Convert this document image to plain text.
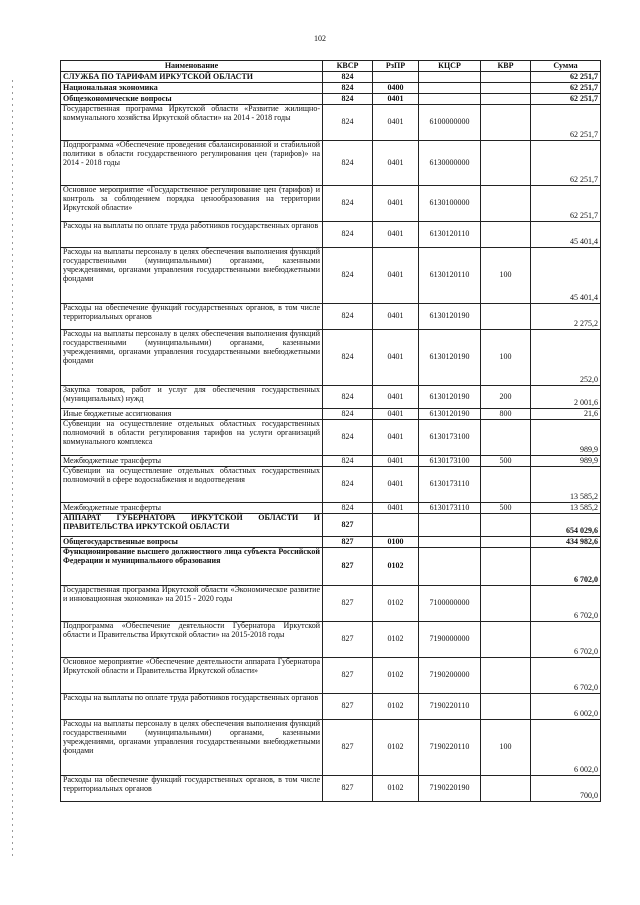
102
Наименование	КВСР	РзПР	КЦСР	КВР	Сумма
СЛУЖБА ПО ТАРИФАМ ИРКУТСКОЙ ОБЛАСТИ	824				62 251,7
Национальная экономика	824	0400			62 251,7
Общеэкономические вопросы	824	0401			62 251,7
Государственная программа Иркутской области «Развитие жилищно-коммунального хозяйства Иркутской области» на 2014 - 2018 годы	824	0401	6100000000		62 251,7
Подпрограмма «Обеспечение проведения сбалансированной и стабильной политики в области государственного регулирования цен (тарифов)» на 2014 - 2018 годы	824	0401	6130000000		62 251,7
Основное мероприятие «Государственное регулирование цен (тарифов) и контроль за соблюдением порядка ценообразования на территории Иркутской области»	824	0401	6130100000		62 251,7
Расходы на выплаты по оплате труда работников государственных органов	824	0401	6130120110		45 401,4
Расходы на выплаты персоналу в целях обеспечения выполнения функций государственными (муниципальными) органами, казенными учреждениями, органами управления государственными внебюджетными фондами	824	0401	6130120110	100	45 401,4
Расходы на обеспечение функций государственных органов, в том числе территориальных органов	824	0401	6130120190		2 275,2
Расходы на выплаты персоналу в целях обеспечения выполнения функций государственными (муниципальными) органами, казенными учреждениями, органами управления государственными внебюджетными фондами	824	0401	6130120190	100	252,0
Закупка товаров, работ и услуг для обеспечения государственных (муниципальных) нужд	824	0401	6130120190	200	2 001,6
Иные бюджетные ассигнования	824	0401	6130120190	800	21,6
Субвенции на осуществление отдельных областных государственных полномочий в области регулирования тарифов на услуги организаций коммунального комплекса	824	0401	6130173100		989,9
Межбюджетные трансферты	824	0401	6130173100	500	989,9
Субвенции на осуществление отдельных областных государственных полномочий в сфере водоснабжения и водоотведения	824	0401	6130173110		13 585,2
Межбюджетные трансферты	824	0401	6130173110	500	13 585,2
АППАРАТ ГУБЕРНАТОРА ИРКУТСКОЙ ОБЛАСТИ И ПРАВИТЕЛЬСТВА ИРКУТСКОЙ ОБЛАСТИ	827				654 029,6
Общегосударственные вопросы	827	0100			434 982,6
Функционирование высшего должностного лица субъекта Российской Федерации и муниципального образования	827	0102			6 702,0
Государственная программа Иркутской области «Экономическое развитие и инновационная экономика» на 2015 - 2020 годы	827	0102	7100000000		6 702,0
Подпрограмма «Обеспечение деятельности Губернатора Иркутской области и Правительства Иркутской области» на 2015-2018 годы	827	0102	7190000000		6 702,0
Основное мероприятие «Обеспечение деятельности аппарата Губернатора Иркутской области и Правительства Иркутской области»	827	0102	7190200000		6 702,0
Расходы на выплаты по оплате труда работников государственных органов	827	0102	7190220110		6 002,0
Расходы на выплаты персоналу в целях обеспечения выполнения функций государственными (муниципальными) органами, казенными учреждениями, органами управления государственными внебюджетными фондами	827	0102	7190220110	100	6 002,0
Расходы на обеспечение функций государственных органов, в том числе территориальных органов	827	0102	7190220190		700,0
